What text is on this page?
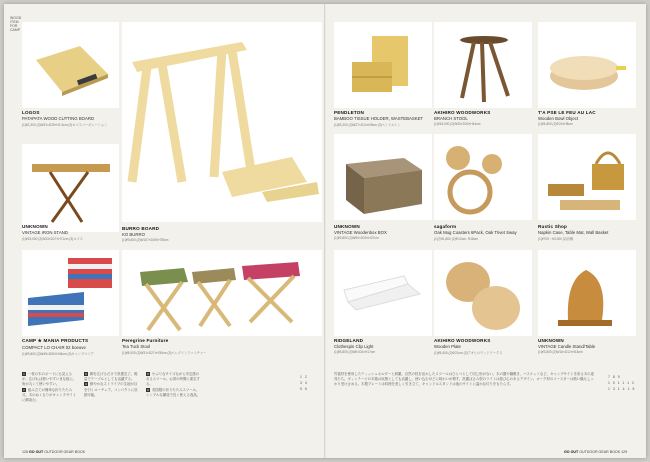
WOOD
ITEM
FOR
CAMP
LOGOS
PATAPATA WOOD CUTTING BOARD
(1)¥2,300 (2)W31×D25×H1.5cm (3)ロゴスコーポレーション
UNKNOWN
VINTAGE IRON STAND
(1)¥15,000 (2)W33×D27×H71cm (3)ロゴス
BURRO BOARD
KO BURRO
(1)¥9,800 (2)W107×D49×H78cm
CAMP ★ MANIA PRODUCTS
COMPACT LO CHAIR 02 boeuve
(1)¥9,800 (2)W45×D50×H46cm (3)キャンプマニア
Peregrine Furniture
Tea Tuck Stool
(1)¥8,000 (2)W31×D27×H30cm (3)ペレグリンファニチャー
1 一枚の木のボードにも見えるが、広げれば使いやすいまな板に。角が丸くて使いやすい。
2 組み立てが簡単な折りたたみ式。木のぬくもりがキャンプサイトに馴染む。
3 脚を広げるだけで設置完了。軽量でテーブルとしても活躍する。
4 鮮やかなストライプの生地が目を引くローチェア。コンパクトに収納可能。
5 小ぶりなサイズながら安定感のあるスツール。お茶の時間に重宝する。
6 英国製の折りたたみスツール。シンプルな構造で長く使える逸品。
12
34
56
128 GO OUT OUTDOOR GEAR BOOK
PENDLETON
BAMBOO TISSUE HOLDER, WASTEBASKET
(1)¥3,200 (2)W27×D14×H9cm (3)ペンドルトン
AKIHIRO WOODWORKS
BRANCH STOOL
(1)¥16,000 (2)W30×D30×H44cm
T'A PSE LE FEU AU LAC
Wooden Bowl Object
(1)¥4,800 (2)Φ24×H8cm
UNKNOWN
VINTAGE Woodenbox BOX
(1)¥9,800 (2)W50×D30×H27cm
sagaform
Oak Mug Coasters 6Pack, Oak Trivet Sway
(1)各¥1,800 (2)Φ10cm, Φ18cm
Rustic Shop
Napkin Case, Table Mat, Wall Basket
(1)¥700〜¥3,000 (2)各種
RIDGELAND
Clothespin Clip Light
(1)¥5,800 (2)W6×D4×H17cm
AKIHIRO WOODWORKS
Wooden Plate
(1)¥5,400 (2)Φ21cm (3)アキヒロウッドワークス
UNKNOWN
VINTAGE Candle Stand/Table
(1)¥3,800 (2)W16×D12×H15cm
竹素材を使用したティッシュホルダーと屑籠。自然の枝を活かしたスツールはひとつとして同じ形がない。木の器や鍋敷き、バスケットなど、キャンプサイトを彩る木の道具たち。ヴィンテージの木箱は収納としても活躍し、使い込むほどに味わいが増す。洗濯ばさみ型のライトは遊び心のあるデザイン。オーク材のコースターは熱い鍋もしっかり受け止める。木製プレートは料理を美しく引き立て、キャンドルスタンドは夜のサイトに温かな灯りをもたらす。
789
101112
131415
GO OUT OUTDOOR GEAR BOOK 129
